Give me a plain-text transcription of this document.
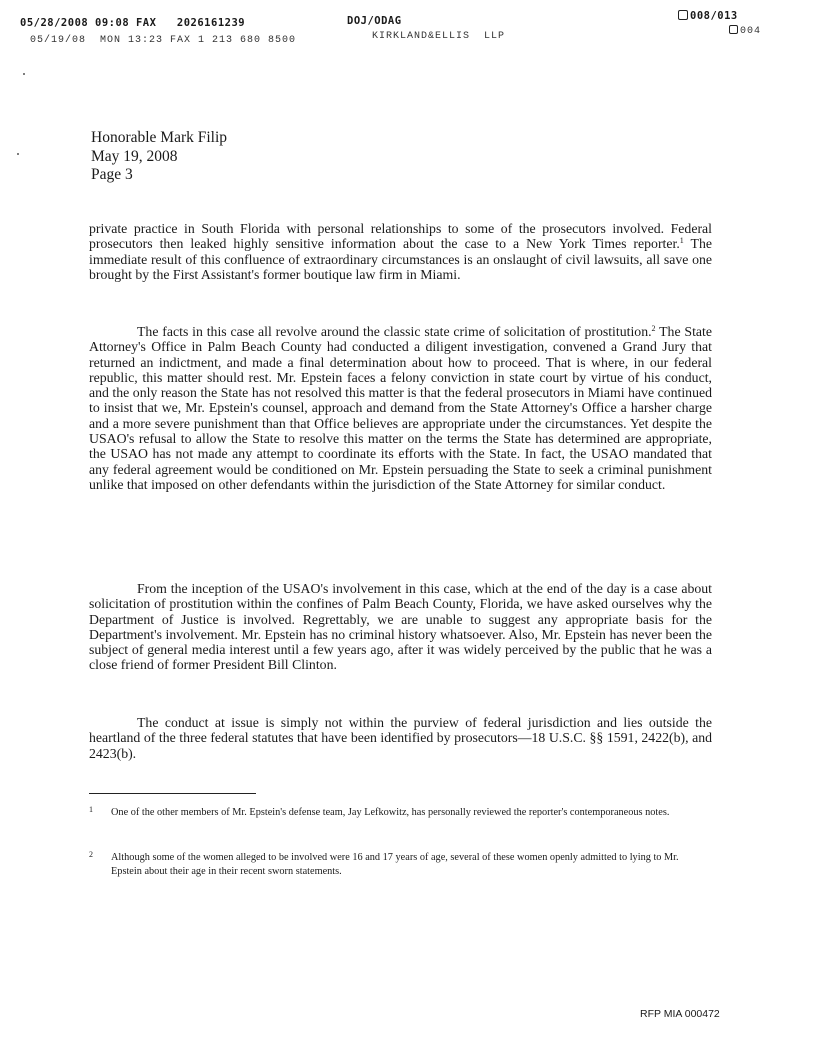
05/28/2008 09:08 FAX   2026161239	DOJ/ODAG	008/013
05/19/08  MON 13:23 FAX 1 213 680 8500	KIRKLAND&ELLIS  LLP	004
Honorable Mark Filip
May 19, 2008
Page 3
private practice in South Florida with personal relationships to some of the prosecutors involved. Federal prosecutors then leaked highly sensitive information about the case to a New York Times reporter.$^1$ The immediate result of this confluence of extraordinary circumstances is an onslaught of civil lawsuits, all save one brought by the First Assistant's former boutique law firm in Miami.
The facts in this case all revolve around the classic state crime of solicitation of prostitution.$^2$ The State Attorney's Office in Palm Beach County had conducted a diligent investigation, convened a Grand Jury that returned an indictment, and made a final determination about how to proceed. That is where, in our federal republic, this matter should rest. Mr. Epstein faces a felony conviction in state court by virtue of his conduct, and the only reason the State has not resolved this matter is that the federal prosecutors in Miami have continued to insist that we, Mr. Epstein's counsel, approach and demand from the State Attorney's Office a harsher charge and a more severe punishment than that Office believes are appropriate under the circumstances. Yet despite the USAO's refusal to allow the State to resolve this matter on the terms the State has determined are appropriate, the USAO has not made any attempt to coordinate its efforts with the State. In fact, the USAO mandated that any federal agreement would be conditioned on Mr. Epstein persuading the State to seek a criminal punishment unlike that imposed on other defendants within the jurisdiction of the State Attorney for similar conduct.
From the inception of the USAO's involvement in this case, which at the end of the day is a case about solicitation of prostitution within the confines of Palm Beach County, Florida, we have asked ourselves why the Department of Justice is involved. Regrettably, we are unable to suggest any appropriate basis for the Department's involvement. Mr. Epstein has no criminal history whatsoever. Also, Mr. Epstein has never been the subject of general media interest until a few years ago, after it was widely perceived by the public that he was a close friend of former President Bill Clinton.
The conduct at issue is simply not within the purview of federal jurisdiction and lies outside the heartland of the three federal statutes that have been identified by prosecutors—18 U.S.C. §§ 1591, 2422(b), and 2423(b).
1 One of the other members of Mr. Epstein's defense team, Jay Lefkowitz, has personally reviewed the reporter's contemporaneous notes.
2 Although some of the women alleged to be involved were 16 and 17 years of age, several of these women openly admitted to lying to Mr. Epstein about their age in their recent sworn statements.
RFP MIA 000472
